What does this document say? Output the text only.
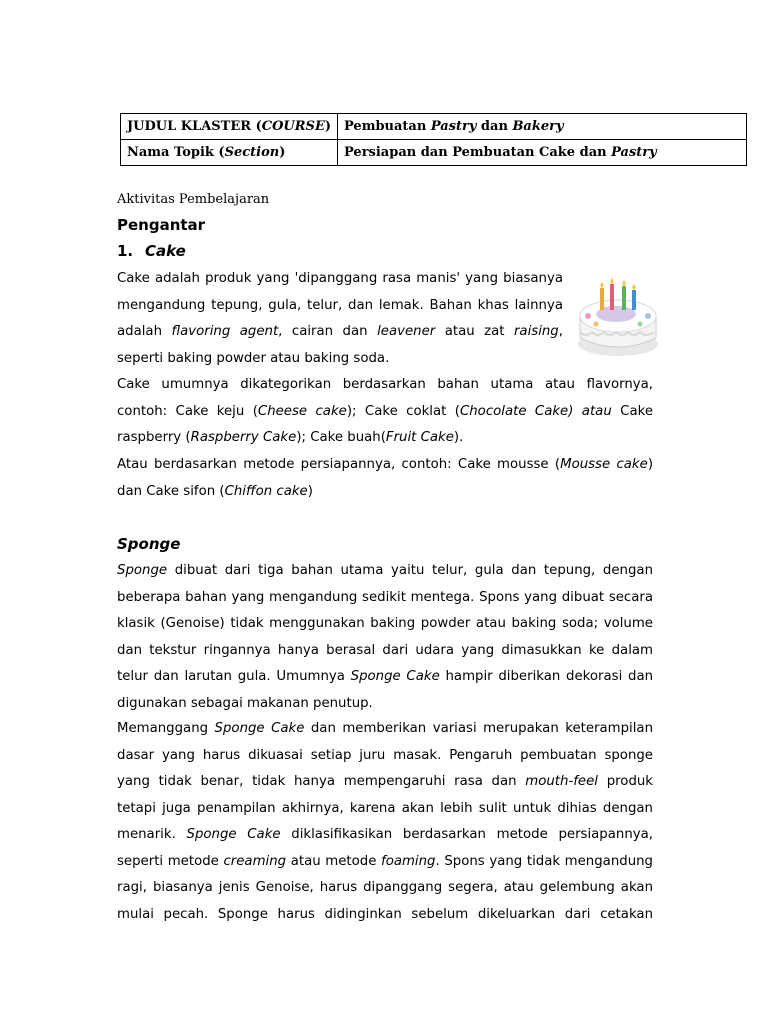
JUDUL KLASTER (COURSE)	Pembuatan Pastry dan Bakery
Nama Topik (Section)	Persiapan dan Pembuatan Cake dan Pastry
Aktivitas Pembelajaran
Pengantar
1. Cake
Cake adalah produk yang 'dipanggang rasa manis' yang biasanya
mengandung tepung, gula, telur, dan lemak. Bahan khas lainnya
adalah flavoring agent, cairan dan leavener atau zat raising,
seperti baking powder atau baking soda.
Cake umumnya dikategorikan berdasarkan bahan utama atau flavornya,
contoh: Cake keju (Cheese cake); Cake coklat (Chocolate Cake) atau Cake
raspberry (Raspberry Cake); Cake buah(Fruit Cake).
Atau berdasarkan metode persiapannya, contoh: Cake mousse (Mousse cake)
dan Cake sifon (Chiffon cake)
Sponge
Sponge dibuat dari tiga bahan utama yaitu telur, gula dan tepung, dengan
beberapa bahan yang mengandung sedikit mentega. Spons yang dibuat secara
klasik (Genoise) tidak menggunakan baking powder atau baking soda; volume
dan tekstur ringannya hanya berasal dari udara yang dimasukkan ke dalam
telur dan larutan gula. Umumnya Sponge Cake hampir diberikan dekorasi dan
digunakan sebagai makanan penutup.
Memanggang Sponge Cake dan memberikan variasi merupakan keterampilan
dasar yang harus dikuasai setiap juru masak. Pengaruh pembuatan sponge
yang tidak benar, tidak hanya mempengaruhi rasa dan mouth-feel produk
tetapi juga penampilan akhirnya, karena akan lebih sulit untuk dihias dengan
menarik. Sponge Cake diklasifikasikan berdasarkan metode persiapannya,
seperti metode creaming atau metode foaming. Spons yang tidak mengandung
ragi, biasanya jenis Genoise, harus dipanggang segera, atau gelembung akan
mulai pecah. Sponge harus didinginkan sebelum dikeluarkan dari cetakan
